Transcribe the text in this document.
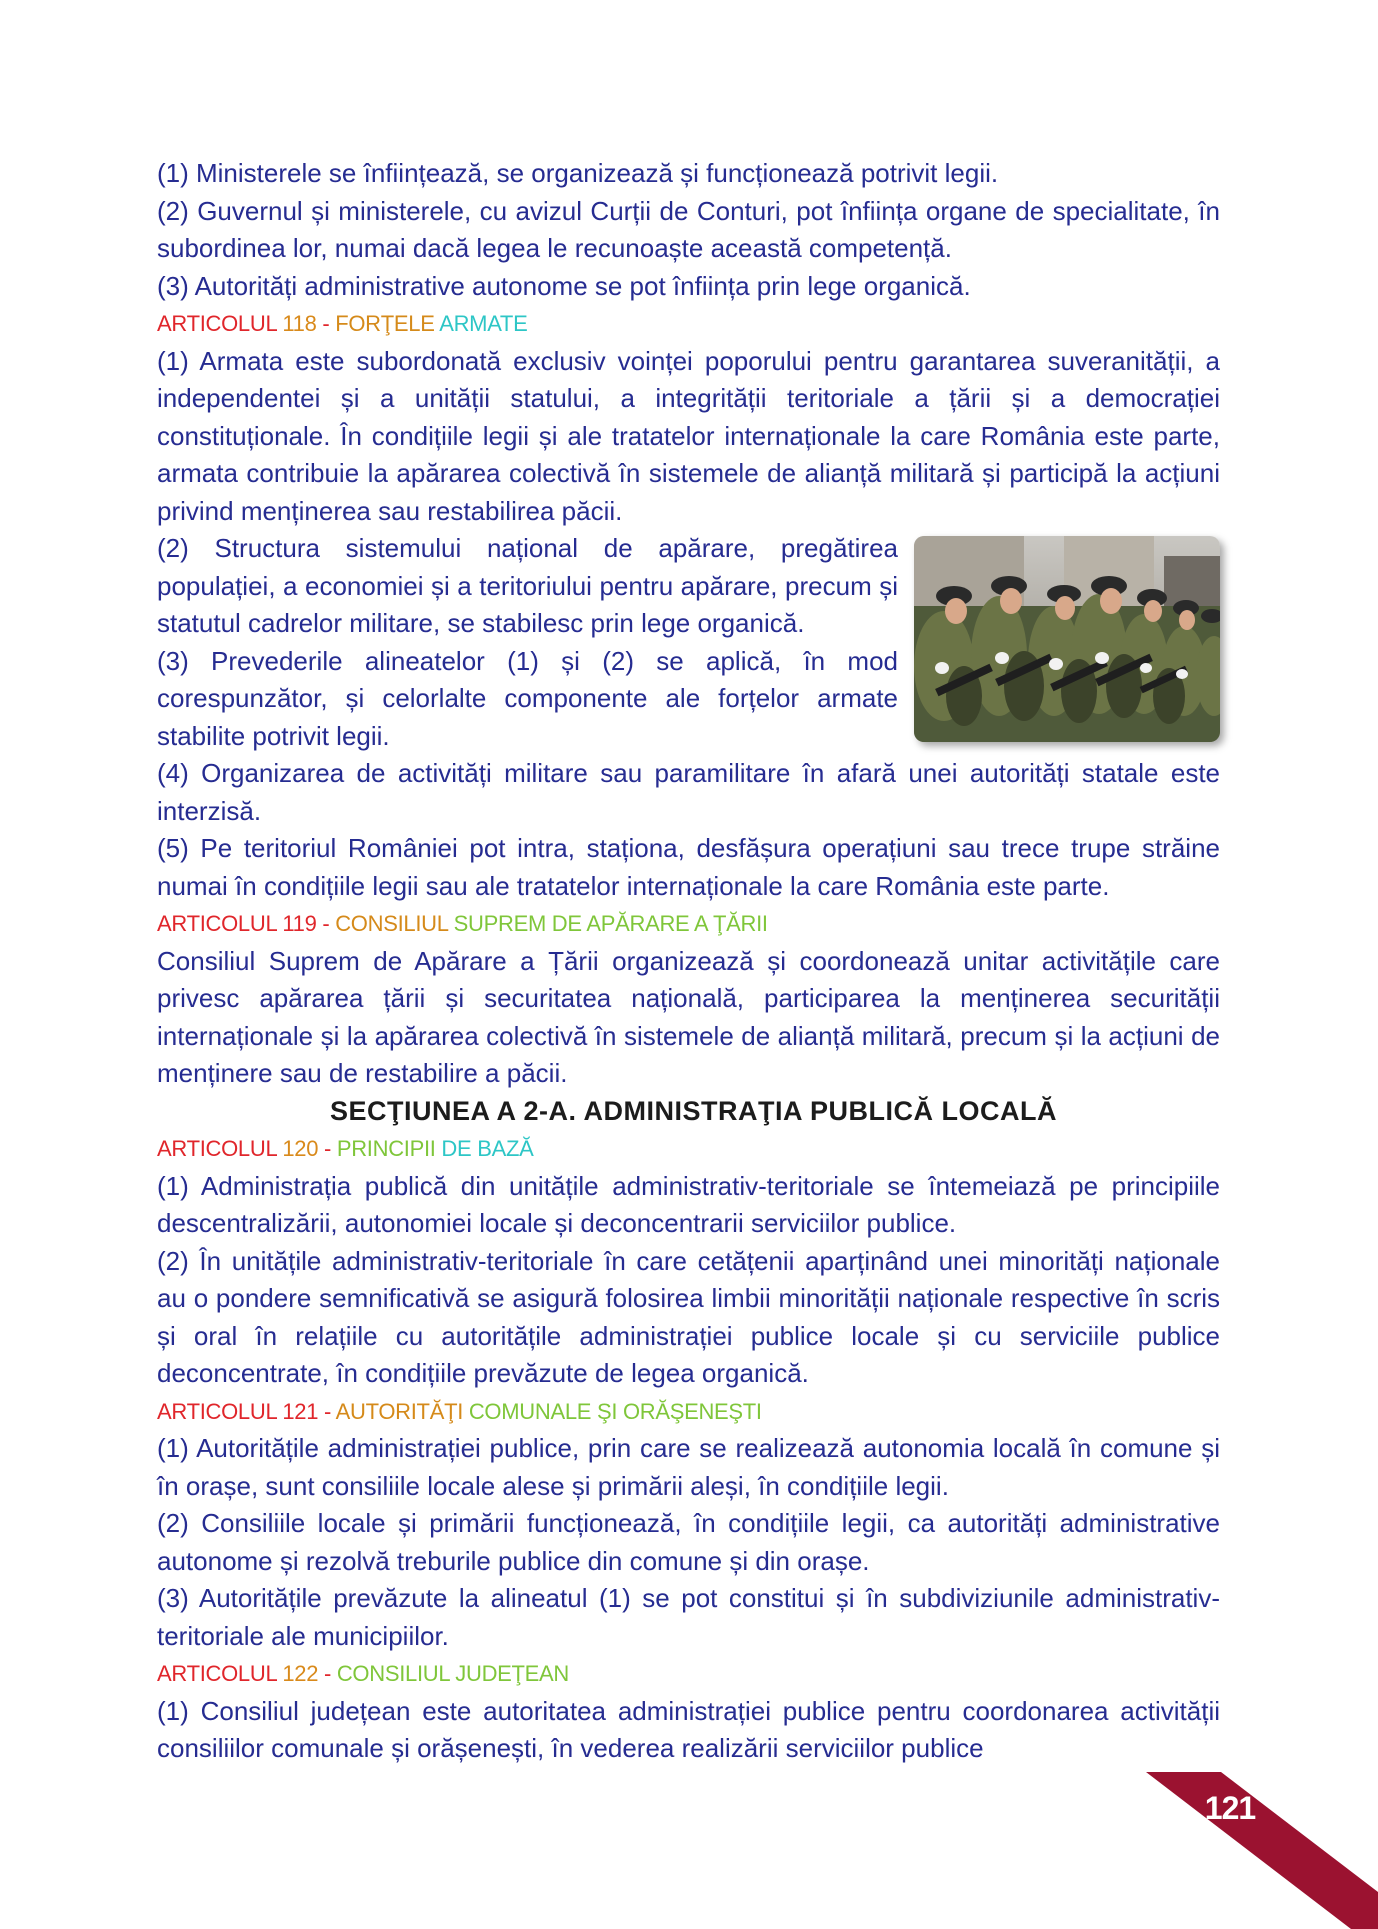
(1) Ministerele se înființează, se organizează și funcționează potrivit legii.

(2) Guvernul și ministerele, cu avizul Curții de Conturi, pot înființa organe de specialitate, în subordinea lor, numai dacă legea le recunoaște această competență.

(3) Autorități administrative autonome se pot înființa prin lege organică.

ARTICOLUL 118 - FORŢELE ARMATE

(1) Armata este subordonată exclusiv voinței poporului pentru garantarea suveranității, a independentei și a unității statului, a integrității teritoriale a țării și a democrației constituționale. În condițiile legii și ale tratatelor internaționale la care România este parte, armata contribuie la apărarea colectivă în sistemele de alianță militară și participă la acțiuni privind menținerea sau restabilirea păcii.

(2) Structura sistemului național de apărare, pregătirea populației, a economiei și a teritoriului pentru apărare, precum și statutul cadrelor militare, se stabilesc prin lege organică.

(3) Prevederile alineatelor (1) și (2) se aplică, în mod corespunzător, și celorlalte componente ale forțelor armate stabilite potrivit legii.

(4) Organizarea de activități militare sau paramilitare în afară unei autorități statale este interzisă.

(5) Pe teritoriul României pot intra, staționa, desfășura operațiuni sau trece trupe străine numai în condițiile legii sau ale tratatelor internaționale la care România este parte.

ARTICOLUL 119 - CONSILIUL SUPREM DE APĂRARE A ŢĂRII

Consiliul Suprem de Apărare a Țării organizează și coordonează unitar activitățile care privesc apărarea țării și securitatea națională, participarea la menținerea securității internaționale și la apărarea colectivă în sistemele de alianță militară, precum și la acțiuni de menținere sau de restabilire a păcii.

SECŢIUNEA A 2-A. ADMINISTRAŢIA PUBLICĂ LOCALĂ
ARTICOLUL 120 - PRINCIPII DE BAZĂ

(1) Administrația publică din unitățile administrativ-teritoriale se întemeiază pe principiile descentralizării, autonomiei locale și deconcentrarii serviciilor publice.

(2) În unitățile administrativ-teritoriale în care cetățenii aparținând unei minorități naționale au o pondere semnificativă se asigură folosirea limbii minorității naționale respective în scris și oral în relațiile cu autoritățile administrației publice locale și cu serviciile publice deconcentrate, în condițiile prevăzute de legea organică.

ARTICOLUL 121 - AUTORITĂŢI COMUNALE ŞI ORĂŞENEŞTI

(1) Autoritățile administrației publice, prin care se realizează autonomia locală în comune și în orașe, sunt consiliile locale alese și primării aleși, în condițiile legii.

(2) Consiliile locale și primării funcționează, în condițiile legii, ca autorități administrative autonome și rezolvă treburile publice din comune și din orașe.

(3) Autoritățile prevăzute la alineatul (1) se pot constitui și în subdiviziunile administrativ-teritoriale ale municipiilor.

ARTICOLUL 122 - CONSILIUL JUDEŢEAN

(1) Consiliul județean este autoritatea administrației publice pentru coordonarea activității consiliilor comunale și orășenești, în vederea realizării serviciilor publice

121
